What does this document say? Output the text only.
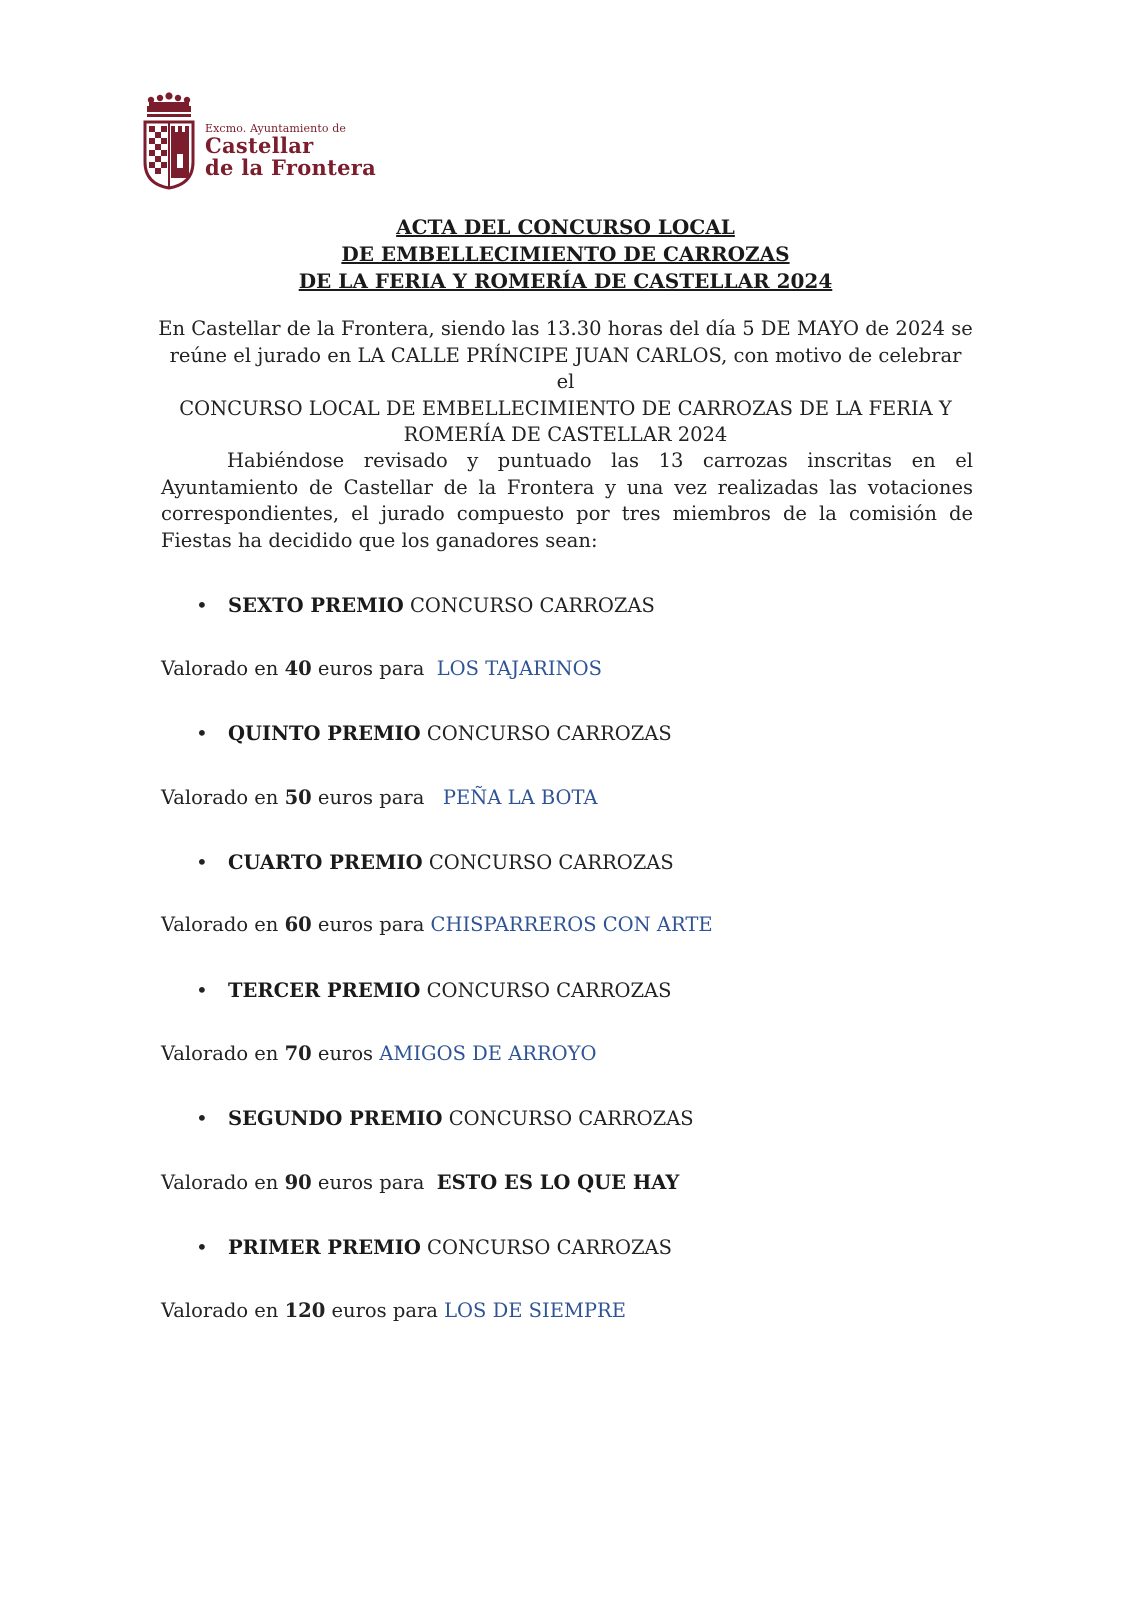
Excmo. Ayuntamiento de
Castellar
de la Frontera
ACTA DEL CONCURSO LOCAL
DE EMBELLECIMIENTO DE CARROZAS
DE LA FERIA Y ROMERÍA DE CASTELLAR 2024
En Castellar de la Frontera, siendo las 13.30 horas del día 5 DE MAYO de 2024 se
reúne el jurado en LA CALLE PRÍNCIPE JUAN CARLOS, con motivo de celebrar el
CONCURSO LOCAL DE EMBELLECIMIENTO DE CARROZAS DE LA FERIA Y
ROMERÍA DE CASTELLAR 2024
Habiéndose revisado y puntuado las 13 carrozas inscritas en el Ayuntamiento de Castellar de la Frontera y una vez realizadas las votaciones correspondientes, el jurado compuesto por tres miembros de la comisión de Fiestas ha decidido que los ganadores sean:
• SEXTO PREMIO CONCURSO CARROZAS
Valorado en 40 euros para  LOS TAJARINOS
• QUINTO PREMIO CONCURSO CARROZAS
Valorado en 50 euros para   PEÑA LA BOTA
• CUARTO PREMIO CONCURSO CARROZAS
Valorado en 60 euros para CHISPARREROS CON ARTE
• TERCER PREMIO CONCURSO CARROZAS
Valorado en 70 euros AMIGOS DE ARROYO
• SEGUNDO PREMIO CONCURSO CARROZAS
Valorado en 90 euros para  ESTO ES LO QUE HAY
• PRIMER PREMIO CONCURSO CARROZAS
Valorado en 120 euros para LOS DE SIEMPRE
